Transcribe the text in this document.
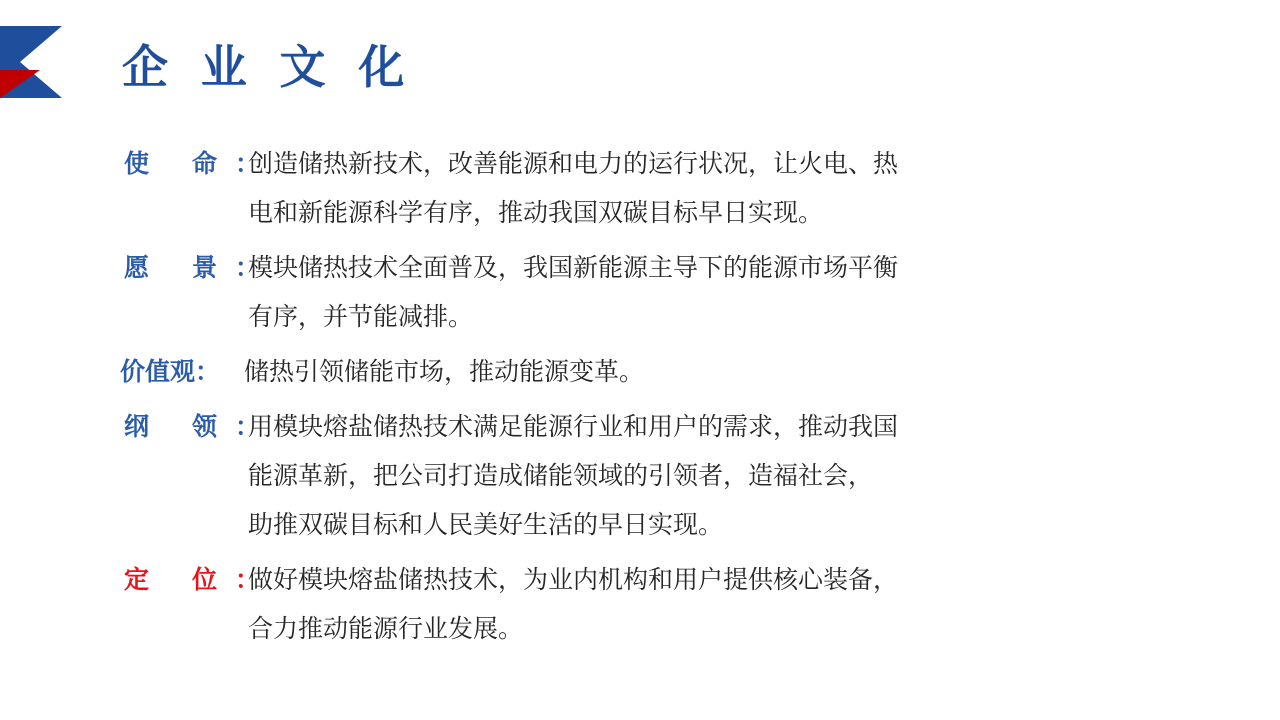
企 业 文 化
使 命：
创造储热新技术，改善能源和电力的运行状况，让火电、热
电和新能源科学有序，推动我国双碳目标早日实现。
愿 景：
模块储热技术全面普及，我国新能源主导下的能源市场平衡
有序，并节能减排。
价值观： 储热引领储能市场，推动能源变革。
纲 领：
用模块熔盐储热技术满足能源行业和用户的需求，推动我国
能源革新，把公司打造成储能领域的引领者，造福社会，
助推双碳目标和人民美好生活的早日实现。
定 位：
做好模块熔盐储热技术，为业内机构和用户提供核心装备，
合力推动能源行业发展。
